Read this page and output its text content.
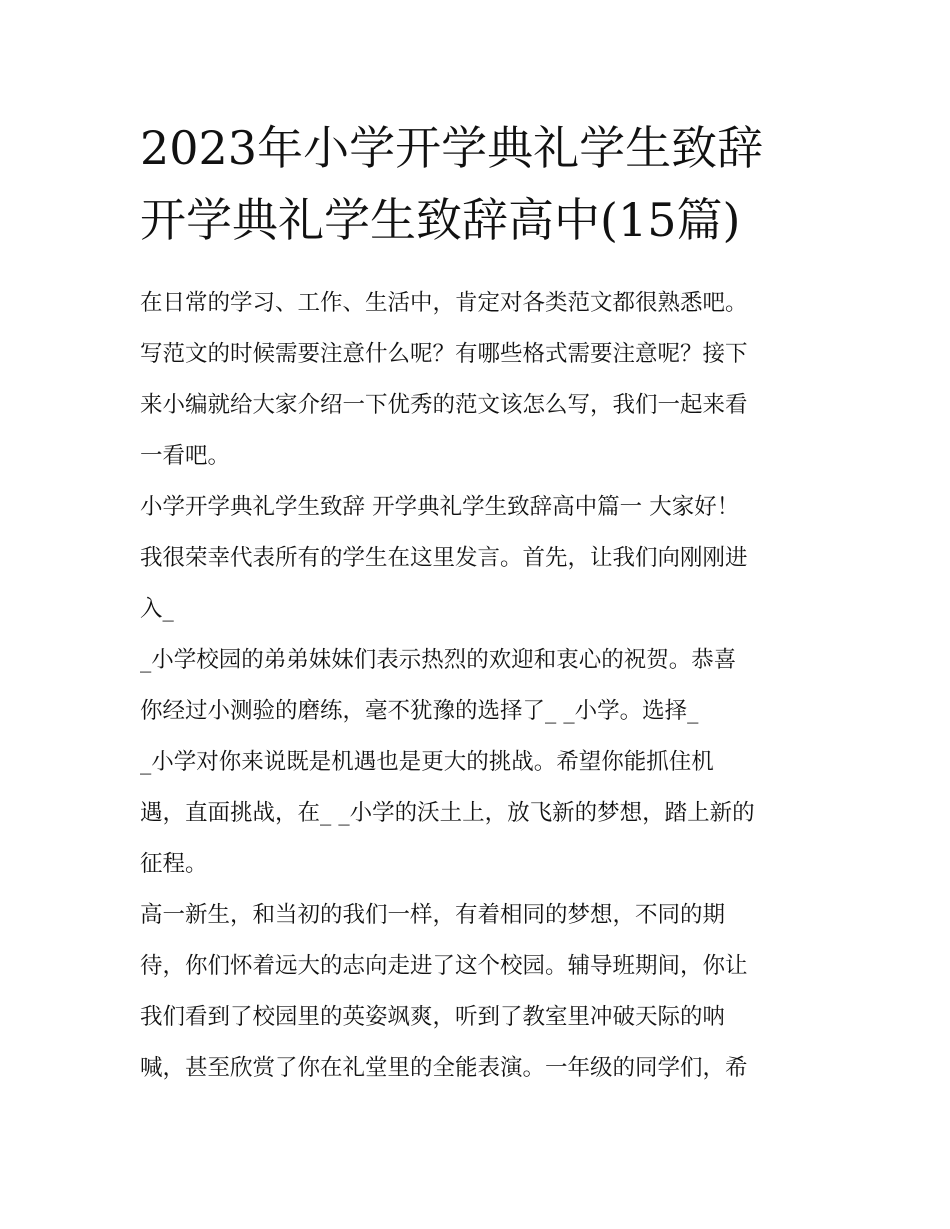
2023年小学开学典礼学生致辞
开学典礼学生致辞高中(15篇)
在日常的学习、工作、生活中，肯定对各类范文都很熟悉吧。
写范文的时候需要注意什么呢？有哪些格式需要注意呢？接下
来小编就给大家介绍一下优秀的范文该怎么写，我们一起来看
一看吧。
小学开学典礼学生致辞 开学典礼学生致辞高中篇一 大家好！
我很荣幸代表所有的学生在这里发言。首先，让我们向刚刚进
入_
_小学校园的弟弟妹妹们表示热烈的欢迎和衷心的祝贺。恭喜
你经过小测验的磨练，毫不犹豫的选择了_ _小学。选择_
_小学对你来说既是机遇也是更大的挑战。希望你能抓住机
遇，直面挑战，在_ _小学的沃土上，放飞新的梦想，踏上新的
征程。
高一新生，和当初的我们一样，有着相同的梦想，不同的期
待，你们怀着远大的志向走进了这个校园。辅导班期间，你让
我们看到了校园里的英姿飒爽，听到了教室里冲破天际的呐
喊，甚至欣赏了你在礼堂里的全能表演。一年级的同学们，希
